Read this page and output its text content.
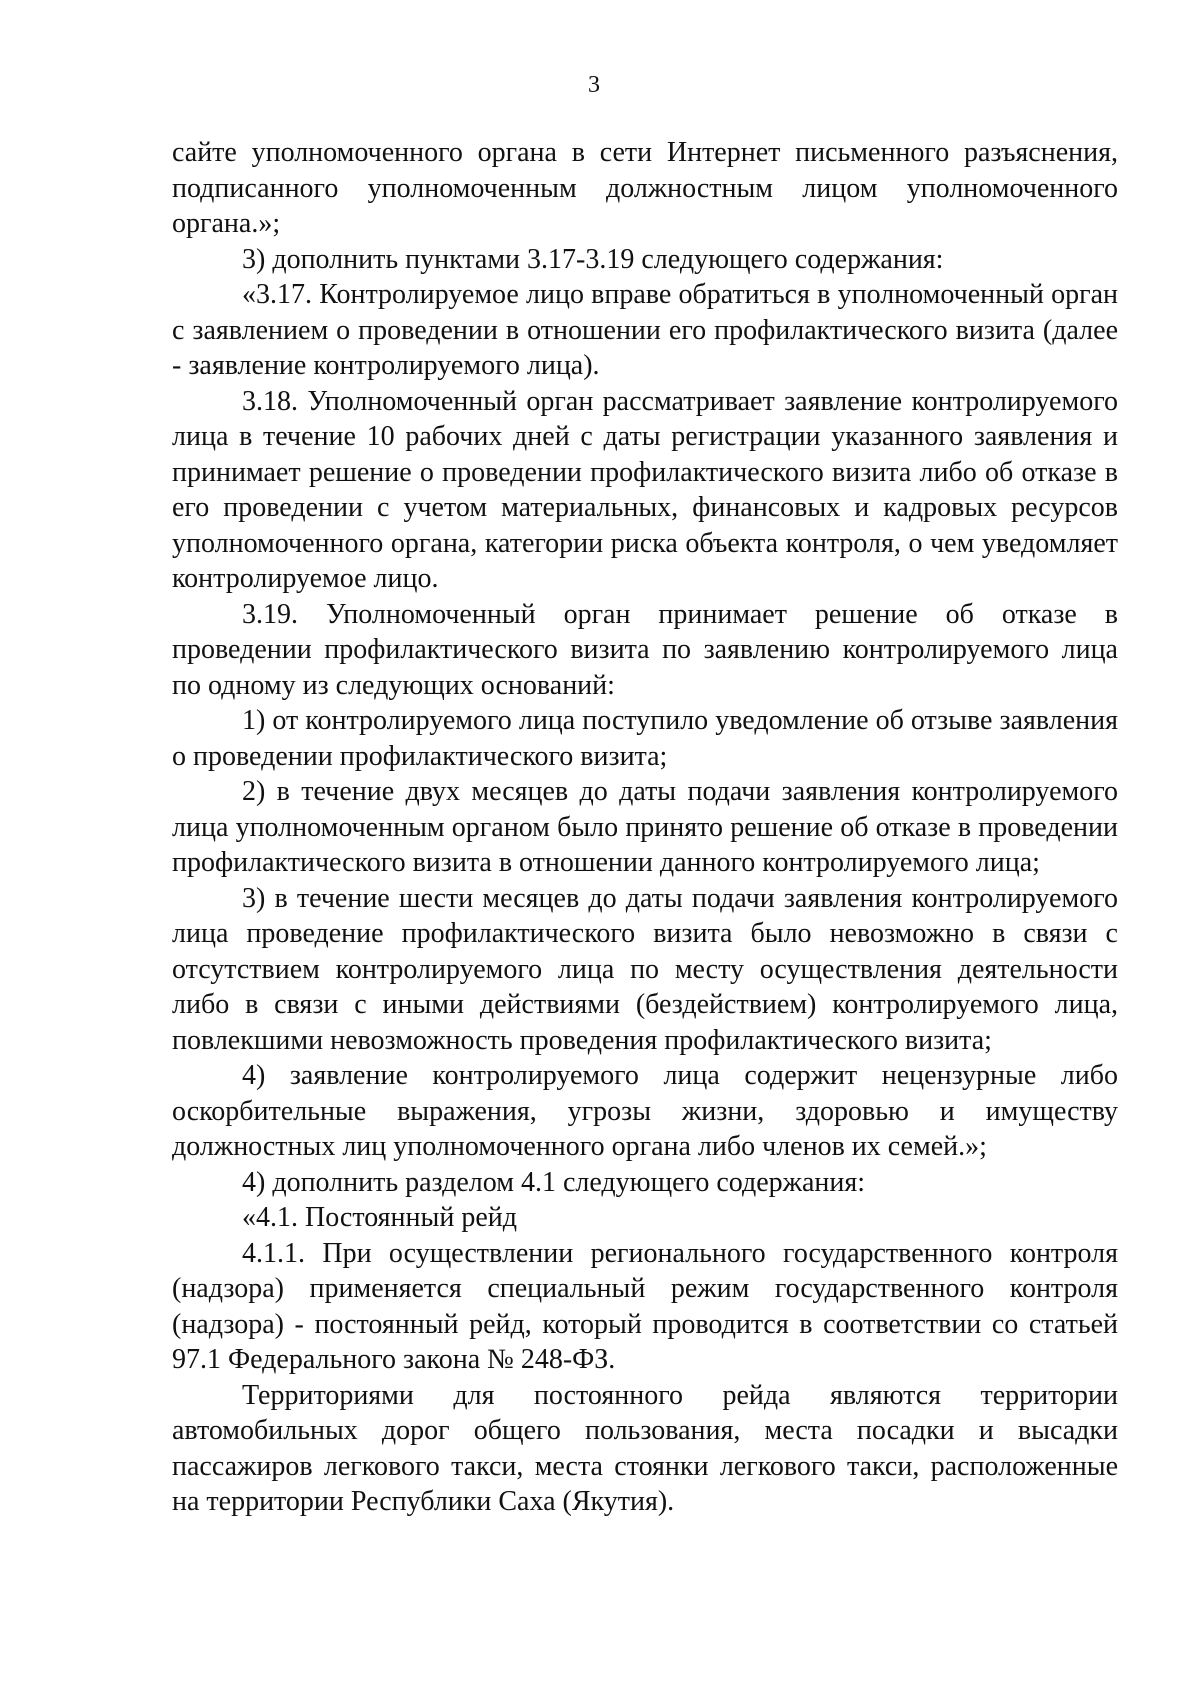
3

сайте уполномоченного органа в сети Интернет письменного разъяснения, подписанного уполномоченным должностным лицом уполномоченного органа.»;

3) дополнить пунктами 3.17-3.19 следующего содержания:

«3.17. Контролируемое лицо вправе обратиться в уполномоченный орган с заявлением о проведении в отношении его профилактического визита (далее - заявление контролируемого лица).

3.18. Уполномоченный орган рассматривает заявление контролируемого лица в течение 10 рабочих дней с даты регистрации указанного заявления и принимает решение о проведении профилактического визита либо об отказе в его проведении с учетом материальных, финансовых и кадровых ресурсов уполномоченного органа, категории риска объекта контроля, о чем уведомляет контролируемое лицо.

3.19. Уполномоченный орган принимает решение об отказе в проведении профилактического визита по заявлению контролируемого лица по одному из следующих оснований:

1) от контролируемого лица поступило уведомление об отзыве заявления о проведении профилактического визита;

2) в течение двух месяцев до даты подачи заявления контролируемого лица уполномоченным органом было принято решение об отказе в проведении профилактического визита в отношении данного контролируемого лица;

3) в течение шести месяцев до даты подачи заявления контролируемого лица проведение профилактического визита было невозможно в связи с отсутствием контролируемого лица по месту осуществления деятельности либо в связи с иными действиями (бездействием) контролируемого лица, повлекшими невозможность проведения профилактического визита;

4) заявление контролируемого лица содержит нецензурные либо оскорбительные выражения, угрозы жизни, здоровью и имуществу должностных лиц уполномоченного органа либо членов их семей.»;

4) дополнить разделом 4.1 следующего содержания:

«4.1. Постоянный рейд

4.1.1. При осуществлении регионального государственного контроля (надзора) применяется специальный режим государственного контроля (надзора) - постоянный рейд, который проводится в соответствии со статьей 97.1 Федерального закона № 248-ФЗ.

Территориями для постоянного рейда являются территории автомобильных дорог общего пользования, места посадки и высадки пассажиров легкового такси, места стоянки легкового такси, расположенные на территории Республики Саха (Якутия).
